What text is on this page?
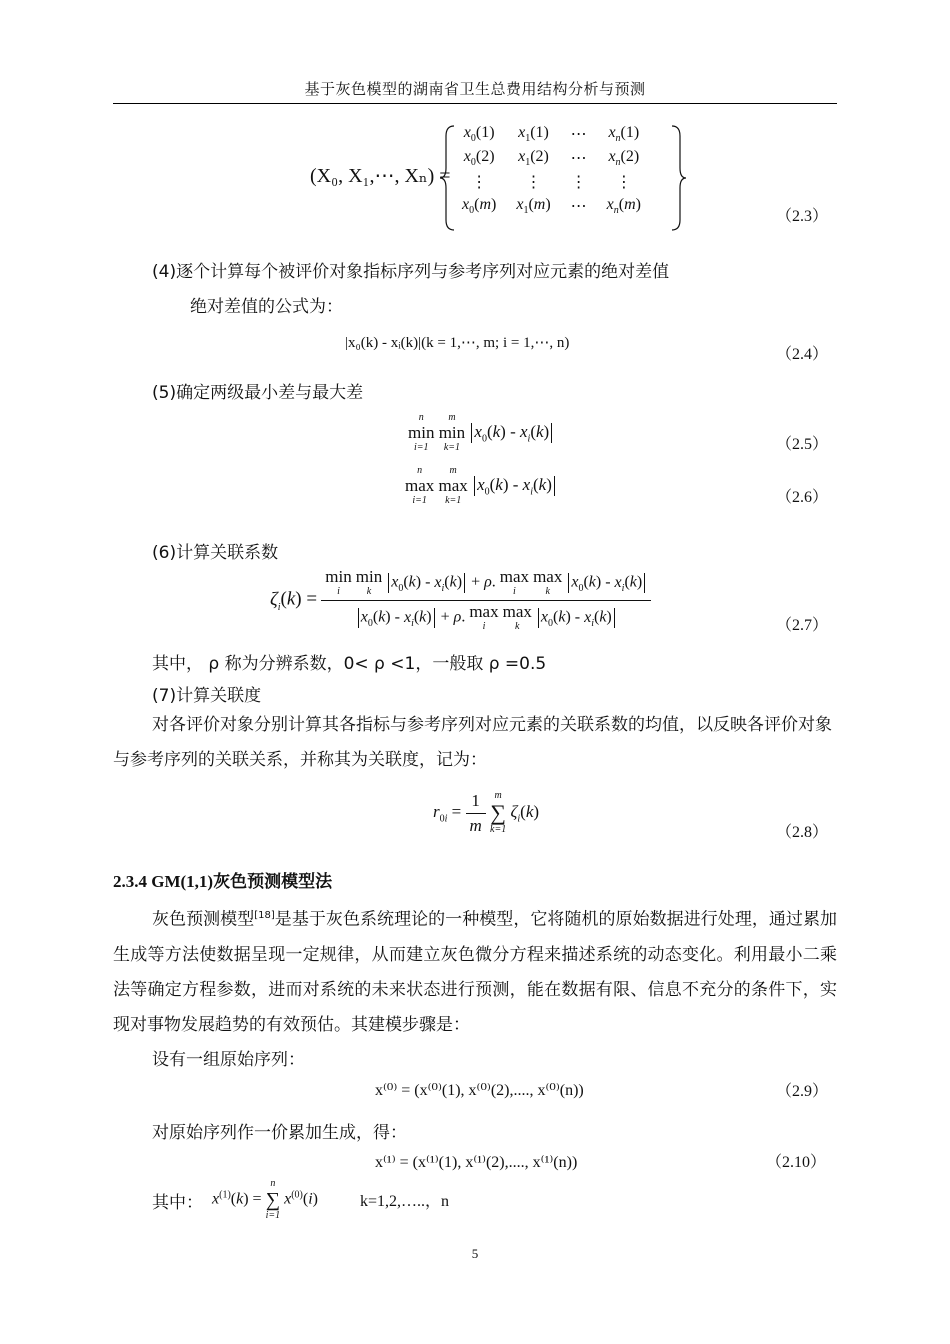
基于灰色模型的湖南省卫生总费用结构分析与预测
(X₀, X₁,⋯, Xₙ) =
$x_0(1)$	$x_1(1)$	⋯	$x_n(1)$
$x_0(2)$	$x_1(2)$	⋯	$x_n(2)$
⋮	⋮	⋮	⋮
$x_0(m)$	$x_1(m)$	⋯	$x_n(m)$
（2.3）
(4)逐个计算每个被评价对象指标序列与参考序列对应元素的绝对差值
绝对差值的公式为：
|x₀(k) - xᵢ(k)|(k = 1,⋯, m; i = 1,⋯, n)
（2.4）
(5)确定两级最小差与最大差
n
min
i=1

m
min
k=1
$x_0(k) - x_i(k)$
（2.5）
n
max
i=1

m
max
k=1
$x_0(k) - x_i(k)$
（2.6）
(6)计算关联系数
$\zeta_i(k)$ =
min
i

min
k
$x_0(k) - x_i(k) + \rho$. max
i

max
k
$x_0(k) - x_i(k)$
$x_0(k) - x_i(k) + \rho$. max
i

max
k
$x_0(k) - x_i(k)$	（2.7）
其中， ρ 称为分辨系数，0< ρ <1，一般取 ρ =0.5
(7)计算关联度
对各评价对象分别计算其各指标与参考序列对应元素的关联系数的均值，以反映各评价对象与参考序列的关联关系，并称其为关联度，记为：
$r_{0i} = \frac{1}{m}$
m
∑
k=1
$\zeta_i(k)$
（2.8）
2.3.4 GM(1,1)灰色预测模型法
灰色预测模型[18]是基于灰色系统理论的一种模型，它将随机的原始数据进行处理，通过累加生成等方法使数据呈现一定规律，从而建立灰色微分方程来描述系统的动态变化。利用最小二乘法等确定方程参数，进而对系统的未来状态进行预测，能在数据有限、信息不充分的条件下，实现对事物发展趋势的有效预估。其建模步骤是：
设有一组原始序列：
x⁽⁰⁾ = (x⁽⁰⁾(1), x⁽⁰⁾(2),...., x⁽⁰⁾(n))	（2.9）
对原始序列作一价累加生成，得：
x⁽¹⁾ = (x⁽¹⁾(1), x⁽¹⁾(2),...., x⁽¹⁾(n))	（2.10）
其中： $x^{(1)}(k)$ =
n
∑
i=1
$x^{(0)}(i)$	k=1,2,…..，n
5
